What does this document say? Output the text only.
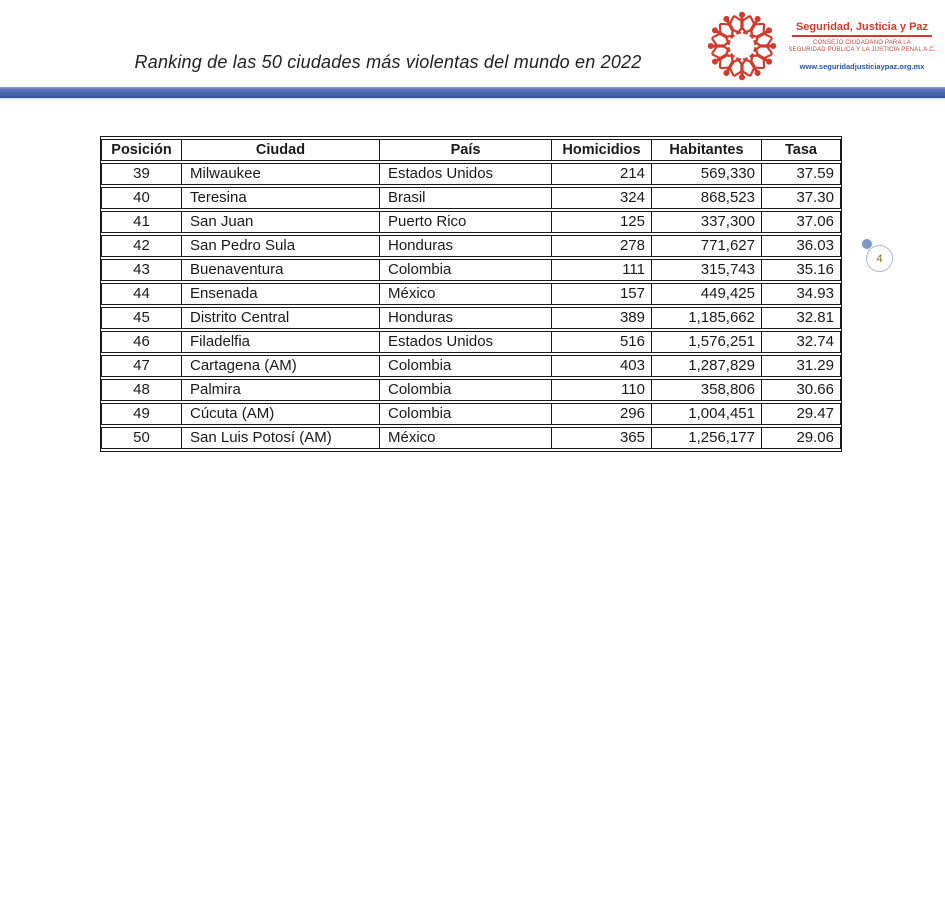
Ranking de las 50 ciudades más violentas del mundo en 2022
Seguridad, Justicia y Paz
CONSEJO CIUDADANO PARA LA
SEGURIDAD PÚBLICA Y LA JUSTICIA PENAL A.C.
www.seguridadjusticiaypaz.org.mx
Posición	Ciudad	País	Homicidios	Habitantes	Tasa
39	Milwaukee	Estados Unidos	214	569,330	37.59
40	Teresina	Brasil	324	868,523	37.30
41	San Juan	Puerto Rico	125	337,300	37.06
42	San Pedro Sula	Honduras	278	771,627	36.03
43	Buenaventura	Colombia	111	315,743	35.16
44	Ensenada	México	157	449,425	34.93
45	Distrito Central	Honduras	389	1,185,662	32.81
46	Filadelfia	Estados Unidos	516	1,576,251	32.74
47	Cartagena (AM)	Colombia	403	1,287,829	31.29
48	Palmira	Colombia	110	358,806	30.66
49	Cúcuta (AM)	Colombia	296	1,004,451	29.47
50	San Luis Potosí (AM)	México	365	1,256,177	29.06
4
